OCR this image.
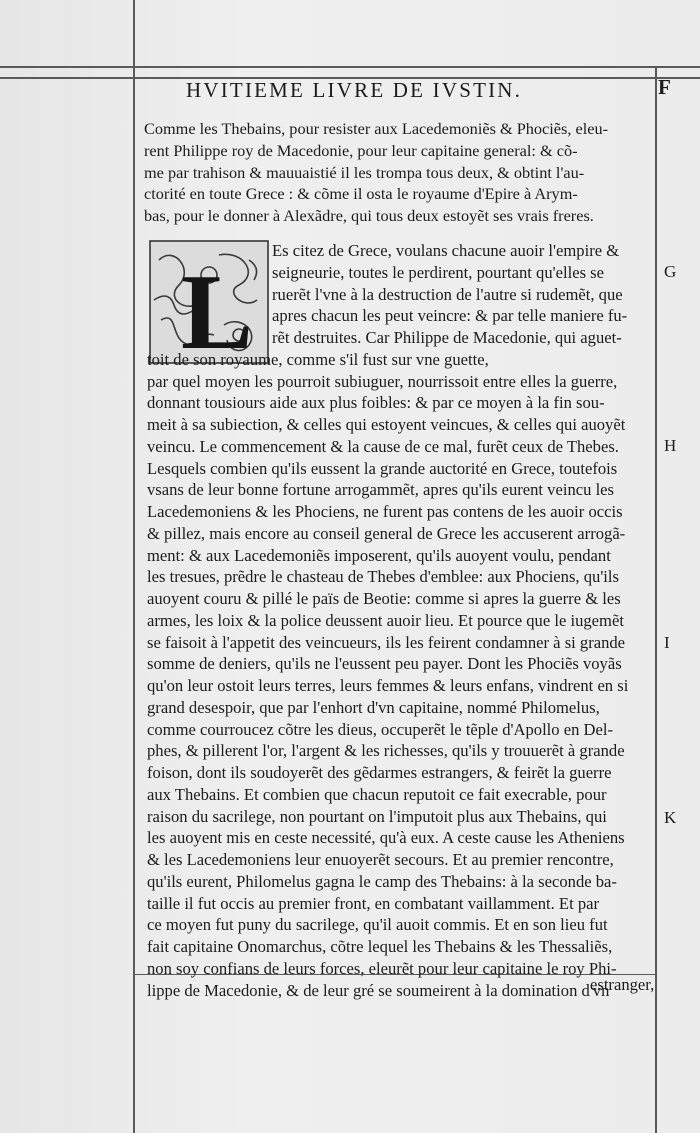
HVITIEME LIVRE DE IVSTIN.	F
Comme les Thebains, pour resister aux Lacedemoniẽs & Phociẽs, eleu-
rent Philippe roy de Macedonie, pour leur capitaine general: & cõ-
me par trahison & mauuaistié il les trompa tous deux, & obtint l'au-
ctorité en toute Grece : & cõme il osta le royaume d'Epire à Arym-
bas, pour le donner à Alexãdre, qui tous deux estoyẽt ses vrais freres.
L
Es citez de Grece, voulans chacune auoir l'empire &
seigneurie, toutes le perdirent, pourtant qu'elles se
ruerẽt l'vne à la destruction de l'autre si rudemẽt, que
apres chacun les peut veincre: & par telle maniere fu-
rẽt destruites. Car Philippe de Macedonie, qui aguet-
toit de son royaume, comme s'il fust sur vne guette,
par quel moyen les pourroit subiuguer, nourrissoit entre elles la guerre,
donnant tousiours aide aux plus foibles: & par ce moyen à la fin sou-
meit à sa subiection, & celles qui estoyent veincues, & celles qui auoyẽt
veincu. Le commencement & la cause de ce mal, furẽt ceux de Thebes.
Lesquels combien qu'ils eussent la grande auctorité en Grece, toutefois
vsans de leur bonne fortune arrogammẽt, apres qu'ils eurent veincu les
Lacedemoniens & les Phociens, ne furent pas contens de les auoir occis
& pillez, mais encore au conseil general de Grece les accuserent arrogã-
ment: & aux Lacedemoniẽs imposerent, qu'ils auoyent voulu, pendant
les tresues, prẽdre le chasteau de Thebes d'emblee: aux Phociens, qu'ils
auoyent couru & pillé le païs de Beotie: comme si apres la guerre & les
armes, les loix & la police deussent auoir lieu. Et pource que le iugemẽt
se faisoit à l'appetit des veincueurs, ils les feirent condamner à si grande
somme de deniers, qu'ils ne l'eussent peu payer. Dont les Phociẽs voyãs
qu'on leur ostoit leurs terres, leurs femmes & leurs enfans, vindrent en si
grand desespoir, que par l'enhort d'vn capitaine, nommé Philomelus,
comme courroucez cõtre les dieus, occuperẽt le tẽple d'Apollo en Del-
phes, & pillerent l'or, l'argent & les richesses, qu'ils y trouuerẽt à grande
foison, dont ils soudoyerẽt des gẽdarmes estrangers, & feirẽt la guerre
aux Thebains. Et combien que chacun reputoit ce fait execrable, pour
raison du sacrilege, non pourtant on l'imputoit plus aux Thebains, qui
les auoyent mis en ceste necessité, qu'à eux. A ceste cause les Atheniens
& les Lacedemoniens leur enuoyerẽt secours. Et au premier rencontre,
qu'ils eurent, Philomelus gagna le camp des Thebains: à la seconde ba-
taille il fut occis au premier front, en combatant vaillamment. Et par
ce moyen fut puny du sacrilege, qu'il auoit commis. Et en son lieu fut
fait capitaine Onomarchus, cõtre lequel les Thebains & les Thessaliẽs,
non soy confians de leurs forces, eleurẽt pour leur capitaine le roy Phi-
lippe de Macedonie, & de leur gré se soumeirent à la domination d'vn
estranger,
G
H
I
K
